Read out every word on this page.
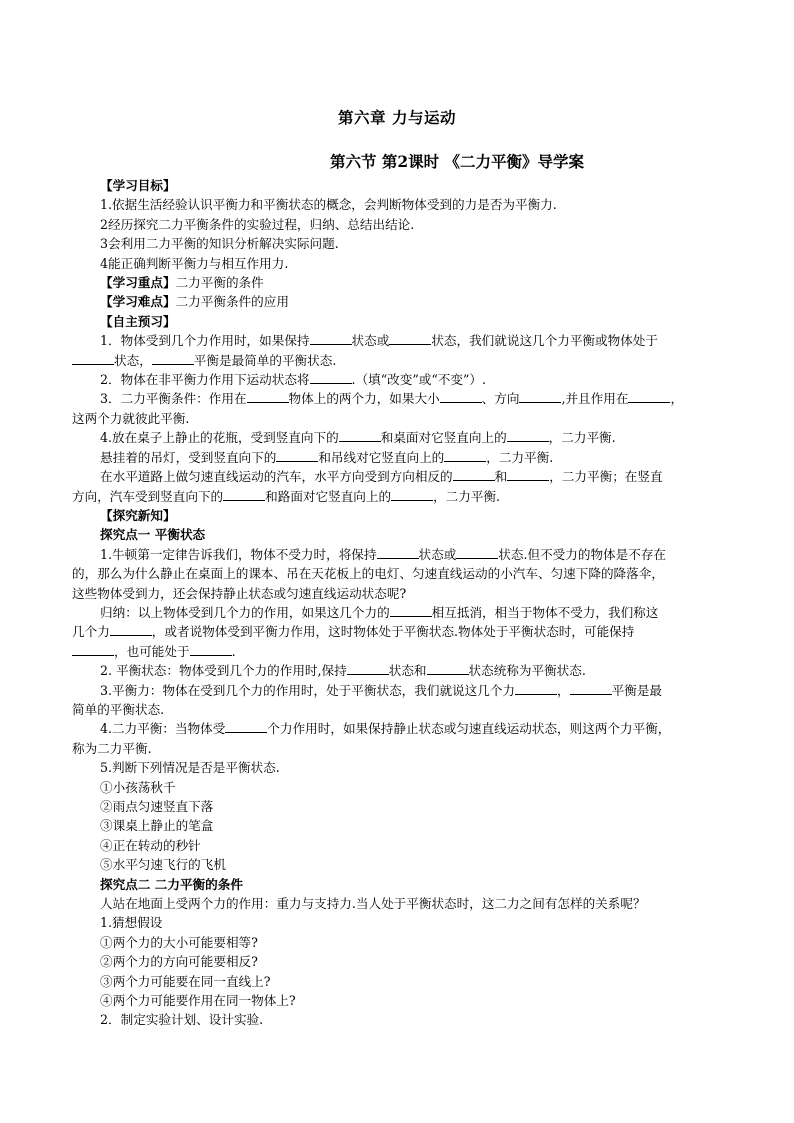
第六章 力与运动
第六节 第2课时 《二力平衡》导学案
【学习目标】
1.依据生活经验认识平衡力和平衡状态的概念，会判断物体受到的力是否为平衡力.
2经历探究二力平衡条件的实验过程，归纳、总结出结论.
3会利用二力平衡的知识分析解决实际问题.
4能正确判断平衡力与相互作用力.
【学习重点】二力平衡的条件
【学习难点】二力平衡条件的应用
【自主预习】
1．物体受到几个力作用时，如果保持	状态或	状态，我们就说这几个力平衡或物体处于
状态，	平衡是最简单的平衡状态.
2．物体在非平衡力作用下运动状态将	.（填“改变”或“不变”）.
3．二力平衡条件：作用在	物体上的两个力，如果大小	、方向	,并且作用在	，
这两个力就彼此平衡.
4.放在桌子上静止的花瓶，受到竖直向下的	和桌面对它竖直向上的	，二力平衡.
悬挂着的吊灯，受到竖直向下的	和吊线对它竖直向上的	，二力平衡.
在水平道路上做匀速直线运动的汽车，水平方向受到方向相反的	和	，二力平衡；在竖直
方向，汽车受到竖直向下的	和路面对它竖直向上的	，二力平衡.
【探究新知】
探究点一 平衡状态
1.牛顿第一定律告诉我们，物体不受力时，将保持	状态或	状态.但不受力的物体是不存在
的，那么为什么静止在桌面上的课本、吊在天花板上的电灯、匀速直线运动的小汽车、匀速下降的降落伞，
这些物体受到力，还会保持静止状态或匀速直线运动状态呢?
归纳：以上物体受到几个力的作用，如果这几个力的	相互抵消，相当于物体不受力，我们称这
几个力	，或者说物体受到平衡力作用，这时物体处于平衡状态.物体处于平衡状态时，可能保持
，也可能处于	.
2. 平衡状态：物体受到几个力的作用时,保持	状态和	状态统称为平衡状态.
3.平衡力：物体在受到几个力的作用时，处于平衡状态，我们就说这几个力	，	平衡是最
简单的平衡状态.
4.二力平衡：当物体受	个力作用时，如果保持静止状态或匀速直线运动状态，则这两个力平衡，
称为二力平衡.
5.判断下列情况是否是平衡状态.
①小孩荡秋千
②雨点匀速竖直下落
③课桌上静止的笔盒
④正在转动的秒针
⑤水平匀速飞行的飞机
探究点二 二力平衡的条件
人站在地面上受两个力的作用：重力与支持力.当人处于平衡状态时，这二力之间有怎样的关系呢？
1.猜想假设
①两个力的大小可能要相等?
②两个力的方向可能要相反?
③两个力可能要在同一直线上?
④两个力可能要作用在同一物体上?
2．制定实验计划、设计实验.
